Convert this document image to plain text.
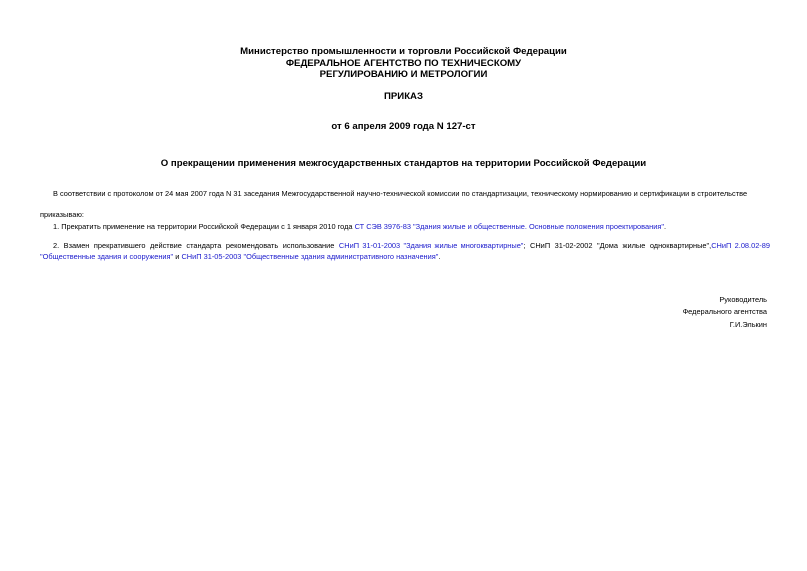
Министерство промышленности и торговли Российской Федерации
ФЕДЕРАЛЬНОЕ АГЕНТСТВО ПО ТЕХНИЧЕСКОМУ
РЕГУЛИРОВАНИЮ И МЕТРОЛОГИИ
ПРИКАЗ
от 6 апреля 2009 года N 127-ст
О прекращении применения межгосударственных стандартов на территории Российской Федерации
В соответствии с протоколом от 24 мая 2007 года N 31 заседания Межгосударственной научно-технической комиссии по стандартизации, техническому нормированию и сертификации в строительстве
приказываю:
1. Прекратить применение на территории Российской Федерации с 1 января 2010 года СТ СЭВ 3976-83 "Здания жилые и общественные. Основные положения проектирования".
2. Взамен прекратившего действие стандарта рекомендовать использование СНиП 31-01-2003 "Здания жилые многоквартирные"; СНиП 31-02-2002 "Дома жилые одноквартирные",СНиП 2.08.02-89 "Общественные здания и сооружения" и СНиП 31-05-2003 "Общественные здания административного назначения".
Руководитель
Федерального агентства
Г.И.Элькин
